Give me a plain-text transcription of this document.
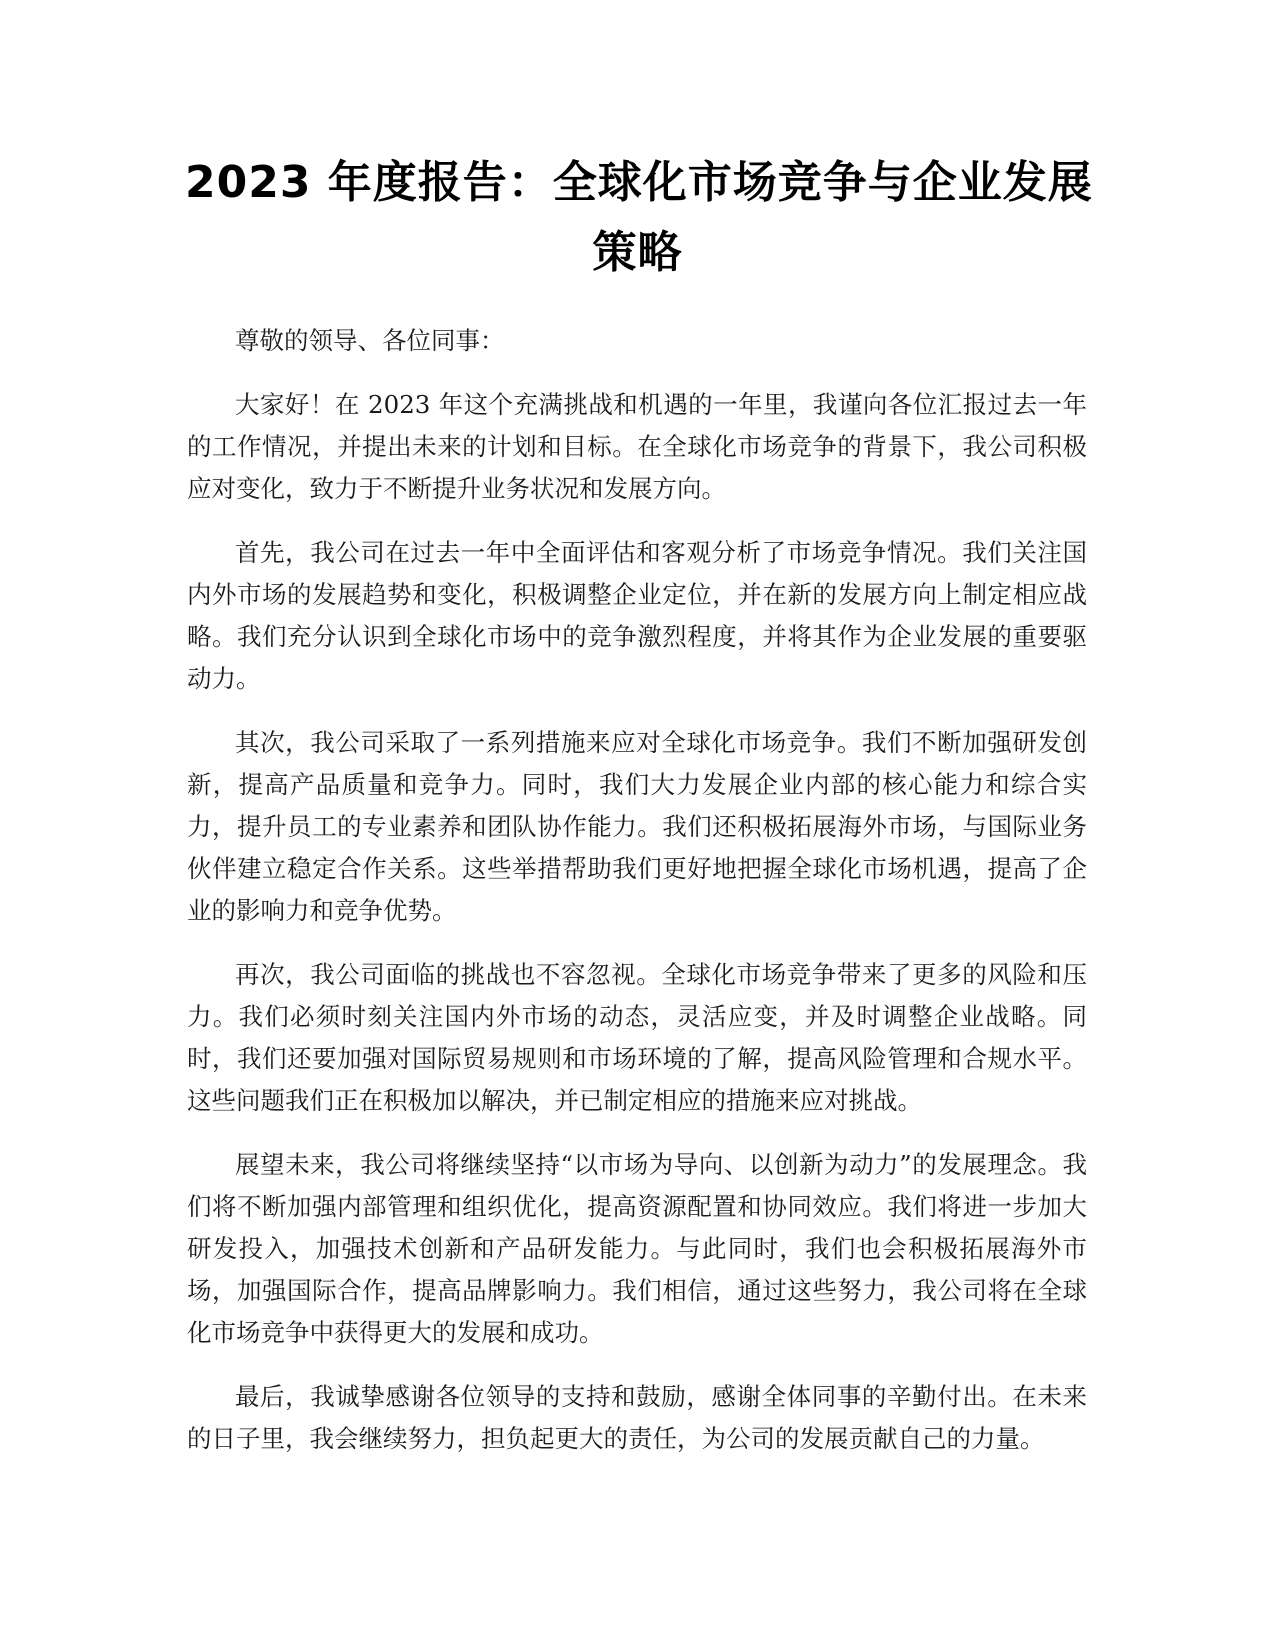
2023 年度报告：全球化市场竞争与企业发展
策略

尊敬的领导、各位同事：

大家好！在 2023 年这个充满挑战和机遇的一年里，我谨向各位汇报过去一年的工作情况，并提出未来的计划和目标。在全球化市场竞争的背景下，我公司积极应对变化，致力于不断提升业务状况和发展方向。

首先，我公司在过去一年中全面评估和客观分析了市场竞争情况。我们关注国内外市场的发展趋势和变化，积极调整企业定位，并在新的发展方向上制定相应战略。我们充分认识到全球化市场中的竞争激烈程度，并将其作为企业发展的重要驱动力。

其次，我公司采取了一系列措施来应对全球化市场竞争。我们不断加强研发创新，提高产品质量和竞争力。同时，我们大力发展企业内部的核心能力和综合实力，提升员工的专业素养和团队协作能力。我们还积极拓展海外市场，与国际业务伙伴建立稳定合作关系。这些举措帮助我们更好地把握全球化市场机遇，提高了企业的影响力和竞争优势。

再次，我公司面临的挑战也不容忽视。全球化市场竞争带来了更多的风险和压力。我们必须时刻关注国内外市场的动态，灵活应变，并及时调整企业战略。同时，我们还要加强对国际贸易规则和市场环境的了解，提高风险管理和合规水平。这些问题我们正在积极加以解决，并已制定相应的措施来应对挑战。

展望未来，我公司将继续坚持“以市场为导向、以创新为动力”的发展理念。我们将不断加强内部管理和组织优化，提高资源配置和协同效应。我们将进一步加大研发投入，加强技术创新和产品研发能力。与此同时，我们也会积极拓展海外市场，加强国际合作，提高品牌影响力。我们相信，通过这些努力，我公司将在全球化市场竞争中获得更大的发展和成功。

最后，我诚挚感谢各位领导的支持和鼓励，感谢全体同事的辛勤付出。在未来的日子里，我会继续努力，担负起更大的责任，为公司的发展贡献自己的力量。
